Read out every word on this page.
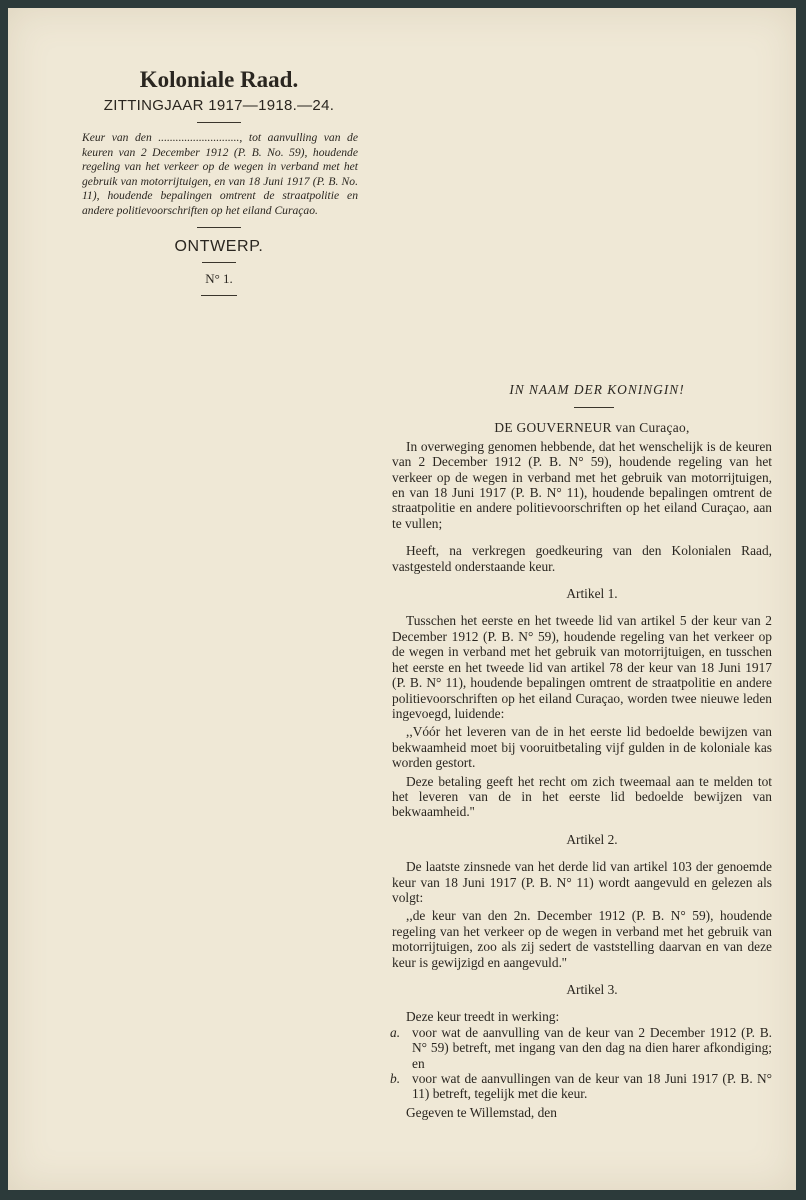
Koloniale Raad.
ZITTINGJAAR 1917—1918.—24.
Keur van den ............................, tot aanvulling van de keuren van 2 December 1912 (P. B. No. 59), houdende regeling van het verkeer op de wegen in verband met het gebruik van motorrijtuigen, en van 18 Juni 1917 (P. B. No. 11), houdende bepalingen omtrent de straatpolitie en andere politievoorschriften op het eiland Curaçao.
ONTWERP.
N° 1.
IN NAAM DER KONINGIN!
DE GOUVERNEUR van Curaçao,

In overweging genomen hebbende, dat het wenschelijk is de keuren van 2 December 1912 (P. B. N° 59), houdende regeling van het verkeer op de wegen in verband met het gebruik van motorrijtuigen, en van 18 Juni 1917 (P. B. N° 11), houdende bepalingen omtrent de straatpolitie en andere politievoorschriften op het eiland Curaçao, aan te vullen;

Heeft, na verkregen goedkeuring van den Kolonialen Raad, vastgesteld onderstaande keur.

Artikel 1.

Tusschen het eerste en het tweede lid van artikel 5 der keur van 2 December 1912 (P. B. N° 59), houdende regeling van het verkeer op de wegen in verband met het gebruik van motorrijtuigen, en tusschen het eerste en het tweede lid van artikel 78 der keur van 18 Juni 1917 (P. B. N° 11), houdende bepalingen omtrent de straatpolitie en andere politievoorschriften op het eiland Curaçao, worden twee nieuwe leden ingevoegd, luidende:

,,Vóór het leveren van de in het eerste lid bedoelde bewijzen van bekwaamheid moet bij vooruitbetaling vijf gulden in de koloniale kas worden gestort.

Deze betaling geeft het recht om zich tweemaal aan te melden tot het leveren van de in het eerste lid bedoelde bewijzen van bekwaamheid.''

Artikel 2.

De laatste zinsnede van het derde lid van artikel 103 der genoemde keur van 18 Juni 1917 (P. B. N° 11) wordt aangevuld en gelezen als volgt:

,,de keur van den 2n. December 1912 (P. B. N° 59), houdende regeling van het verkeer op de wegen in verband met het gebruik van motorrijtuigen, zoo als zij sedert de vaststelling daarvan en van deze keur is gewijzigd en aangevuld.''

Artikel 3.

Deze keur treedt in werking:

a. voor wat de aanvulling van de keur van 2 December 1912 (P. B. N° 59) betreft, met ingang van den dag na dien harer afkondiging; en
b. voor wat de aanvullingen van de keur van 18 Juni 1917 (P. B. N° 11) betreft, tegelijk met die keur.

Gegeven te Willemstad, den
